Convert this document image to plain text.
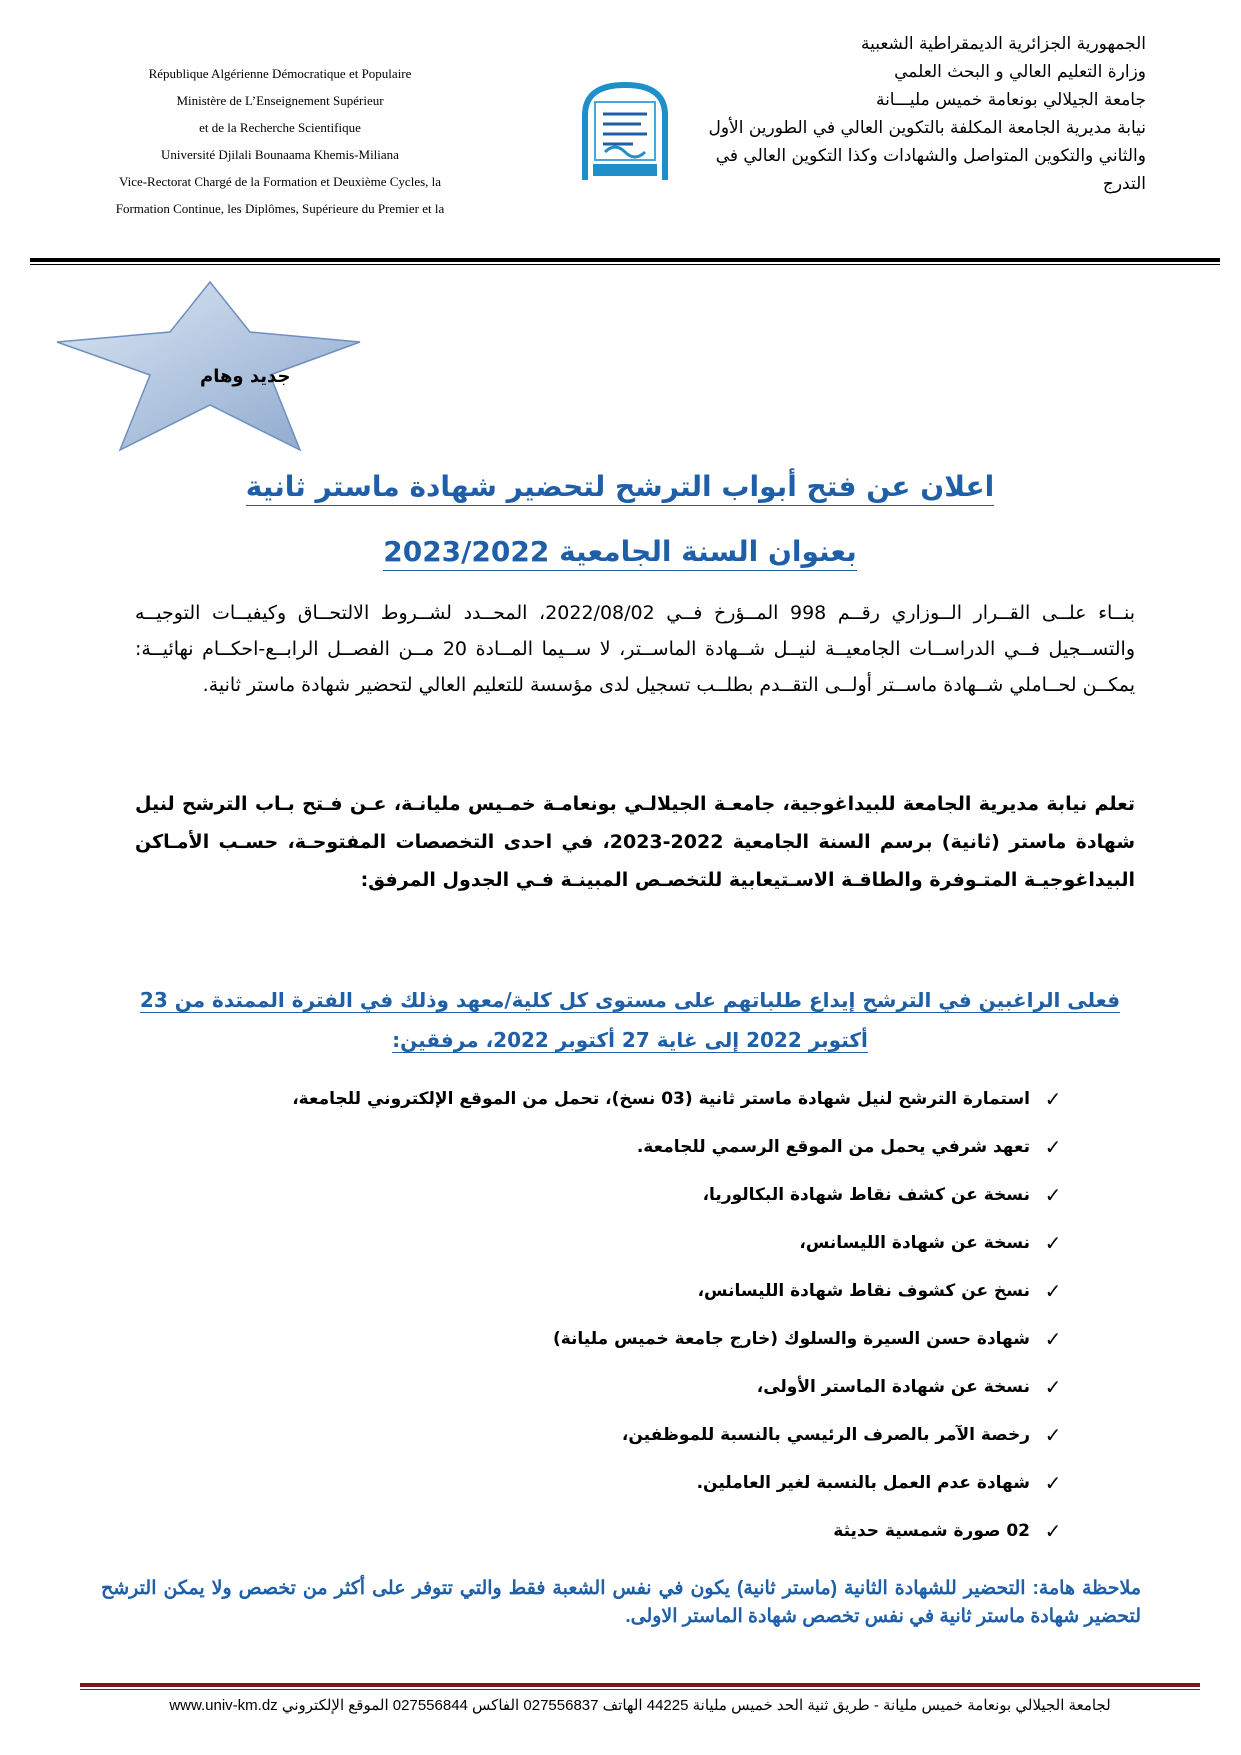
République Algérienne Démocratique et Populaire
Ministère de L’Enseignement Supérieur
et de la Recherche Scientifique
Université Djilali Bounaama Khemis-Miliana
Vice-Rectorat Chargé de la Formation et Deuxième Cycles, la
Formation Continue, les Diplômes, Supérieure du Premier et la
الجمهورية الجزائرية الديمقراطية الشعبية
وزارة التعليم العالي و البحث العلمي
جامعة الجيلالي بونعامة خميس مليـــانة
نيابة مديرية الجامعة المكلفة بالتكوين العالي في الطورين الأول
والثاني والتكوين المتواصل والشهادات وكذا التكوين العالي في
التدرج
جديد وهام
اعلان عن فتح أبواب الترشح لتحضير شهادة ماستر ثانية
بعنوان السنة الجامعية 2023/2022
بنــاء علــى القــرار الــوزاري رقــم 998 المــؤرخ فــي 2022/08/02، المحــدد لشــروط الالتحــاق وكيفيــات التوجيــه والتســجيل فــي الدراســات الجامعيــة لنيــل شــهادة الماســتر، لا ســيما المــادة 20 مــن الفصــل الرابــع-احكــام نهائيــة: يمكــن لحــاملي شــهادة ماســتر أولــى التقــدم بطلــب تسجيل لدى مؤسسة للتعليم العالي لتحضير شهادة ماستر ثانية.
تعلم نيابة مديرية الجامعة للبيداغوجية، جامعـة الجيلالـي بونعامـة خمـيس مليانـة، عـن فـتح بـاب الترشح لنيل شهادة ماستر (ثانية) برسم السنة الجامعية 2022-2023، في احدى التخصصات المفتوحـة، حسـب الأمـاكن البيداغوجيـة المتـوفرة والطاقـة الاسـتيعابية للتخصـص المبينـة فـي الجدول المرفق:
فعلى الراغبين في الترشح إيداع طلباتهم على مستوى كل كلية/معهد وذلك في الفترة الممتدة من 23 أكتوبر 2022 إلى غاية 27 أكتوبر 2022، مرفقين:
✓
استمارة الترشح لنيل شهادة ماستر ثانية (03 نسخ)، تحمل من الموقع الإلكتروني للجامعة،
✓
تعهد شرفي يحمل من الموقع الرسمي للجامعة.
✓
نسخة عن كشف نقاط شهادة البكالوريا،
✓
نسخة عن شهادة الليسانس،
✓
نسخ عن كشوف نقاط شهادة الليسانس،
✓
شهادة حسن السيرة والسلوك (خارج جامعة خميس مليانة)
✓
نسخة عن شهادة الماستر الأولى،
✓
رخصة الآمر بالصرف الرئيسي بالنسبة للموظفين،
✓
شهادة عدم العمل بالنسبة لغير العاملين.
✓
02 صورة شمسية حديثة
ملاحظة هامة: التحضير للشهادة الثانية (ماستر ثانية) يكون في نفس الشعبة فقط والتي تتوفر على أكثر من تخصص ولا يمكن الترشح لتحضير شهادة ماستر ثانية في نفس تخصص شهادة الماستر الاولى.
لجامعة الجيلالي بونعامة خميس مليانة - طريق ثنية الحد خميس مليانة 44225 الهاتف 027556837 الفاكس 027556844 الموقع الإلكتروني www.univ-km.dz
